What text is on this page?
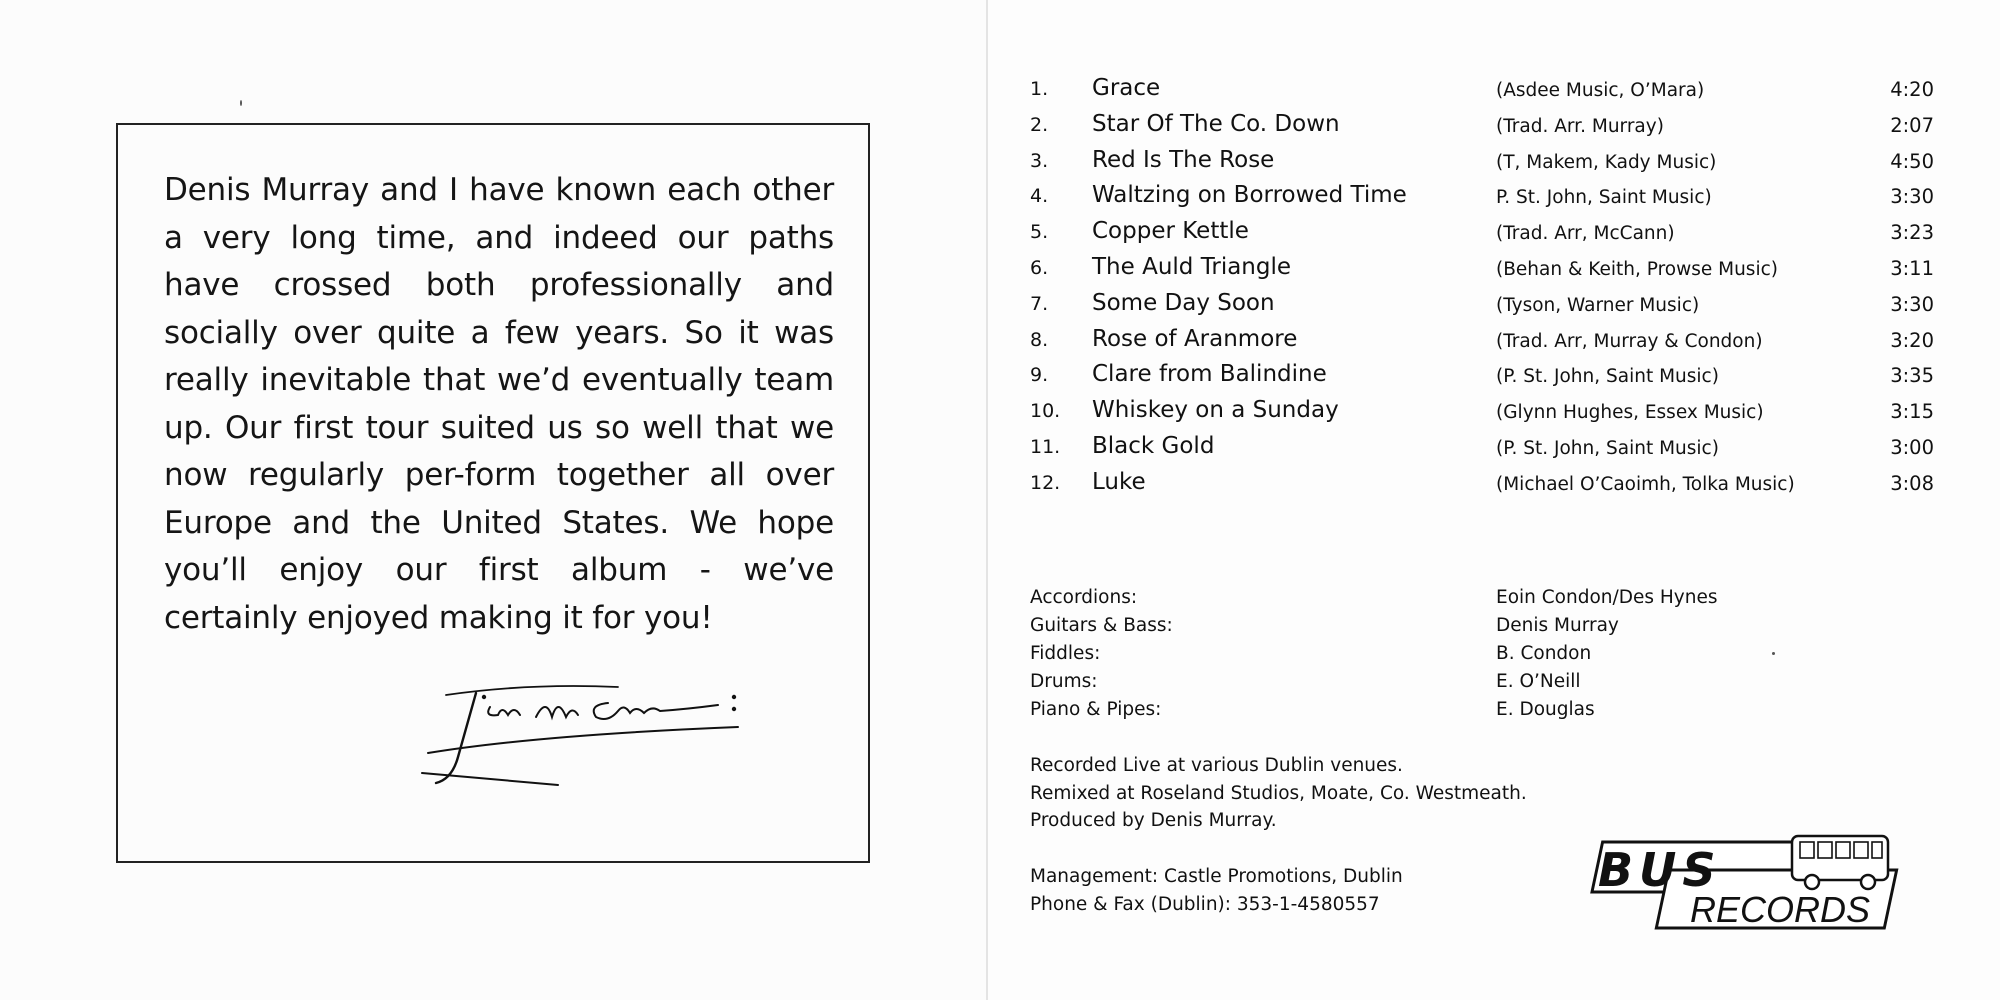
Denis Murray and I have known each other a very long time, and indeed our paths have crossed both professionally and socially over quite a few years. So it was really inevitable that we’d eventually team up. Our first tour suited us so well that we now regularly per-form together all over Europe and the United States. We hope you’ll enjoy our first album - we’ve certainly enjoyed making it for you!

1. Grace	(Asdee Music, O’Mara)	4:20
2. Star Of The Co. Down	(Trad. Arr. Murray)	2:07
3. Red Is The Rose	(T, Makem, Kady Music)	4:50
4. Waltzing on Borrowed Time	P. St. John, Saint Music)	3:30
5. Copper Kettle	(Trad. Arr, McCann)	3:23
6. The Auld Triangle	(Behan & Keith, Prowse Music)	3:11
7. Some Day Soon	(Tyson, Warner Music)	3:30
8. Rose of Aranmore	(Trad. Arr, Murray & Condon)	3:20
9. Clare from Balindine	(P. St. John, Saint Music)	3:35
10. Whiskey on a Sunday	(Glynn Hughes, Essex Music)	3:15
11. Black Gold	(P. St. John, Saint Music)	3:00
12. Luke	(Michael O’Caoimh, Tolka Music)	3:08
Accordions:	Eoin Condon/Des Hynes
Guitars & Bass:	Denis Murray
Fiddles:	B. Condon
Drums:	E. O’Neill
Piano & Pipes:	E. Douglas
Recorded Live at various Dublin venues.
Remixed at Roseland Studios, Moate, Co. Westmeath.
Produced by Denis Murray.
Management: Castle Promotions, Dublin
Phone & Fax (Dublin): 353-1-4580557
BUS
RECORDS
